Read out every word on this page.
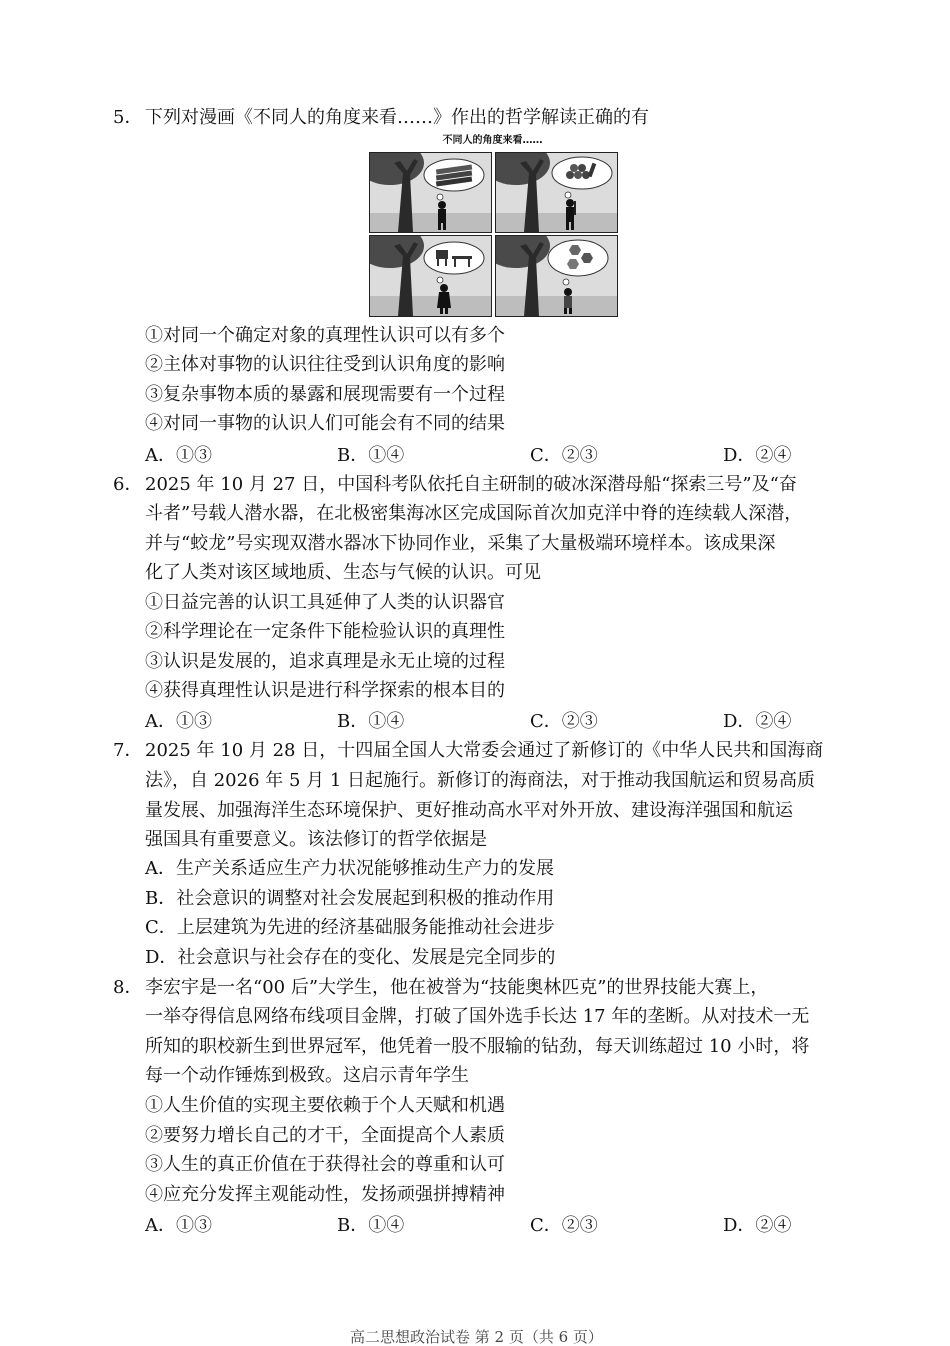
5． 下列对漫画《不同人的角度来看……》作出的哲学解读正确的有
不同人的角度来看……
①对同一个确定对象的真理性认识可以有多个
②主体对事物的认识往往受到认识角度的影响
③复杂事物本质的暴露和展现需要有一个过程
④对同一事物的认识人们可能会有不同的结果
A．①③	B．①④	C．②③	D．②④
6． 2025 年 10 月 27 日，中国科考队依托自主研制的破冰深潜母船“探索三号”及“奋
斗者”号载人潜水器，在北极密集海冰区完成国际首次加克洋中脊的连续载人深潜，
并与“蛟龙”号实现双潜水器冰下协同作业，采集了大量极端环境样本。该成果深
化了人类对该区域地质、生态与气候的认识。可见
①日益完善的认识工具延伸了人类的认识器官
②科学理论在一定条件下能检验认识的真理性
③认识是发展的，追求真理是永无止境的过程
④获得真理性认识是进行科学探索的根本目的
A．①③	B．①④	C．②③	D．②④
7． 2025 年 10 月 28 日，十四届全国人大常委会通过了新修订的《中华人民共和国海商
法》，自 2026 年 5 月 1 日起施行。新修订的海商法，对于推动我国航运和贸易高质
量发展、加强海洋生态环境保护、更好推动高水平对外开放、建设海洋强国和航运
强国具有重要意义。该法修订的哲学依据是
A．生产关系适应生产力状况能够推动生产力的发展
B．社会意识的调整对社会发展起到积极的推动作用
C．上层建筑为先进的经济基础服务能推动社会进步
D．社会意识与社会存在的变化、发展是完全同步的
8． 李宏宇是一名“00 后”大学生，他在被誉为“技能奥林匹克”的世界技能大赛上，
一举夺得信息网络布线项目金牌，打破了国外选手长达 17 年的垄断。从对技术一无
所知的职校新生到世界冠军，他凭着一股不服输的钻劲，每天训练超过 10 小时，将
每一个动作锤炼到极致。这启示青年学生
①人生价值的实现主要依赖于个人天赋和机遇
②要努力增长自己的才干，全面提高个人素质
③人生的真正价值在于获得社会的尊重和认可
④应充分发挥主观能动性，发扬顽强拼搏精神
A．①③	B．①④	C．②③	D．②④
高二思想政治试卷 第 2 页（共 6 页）
